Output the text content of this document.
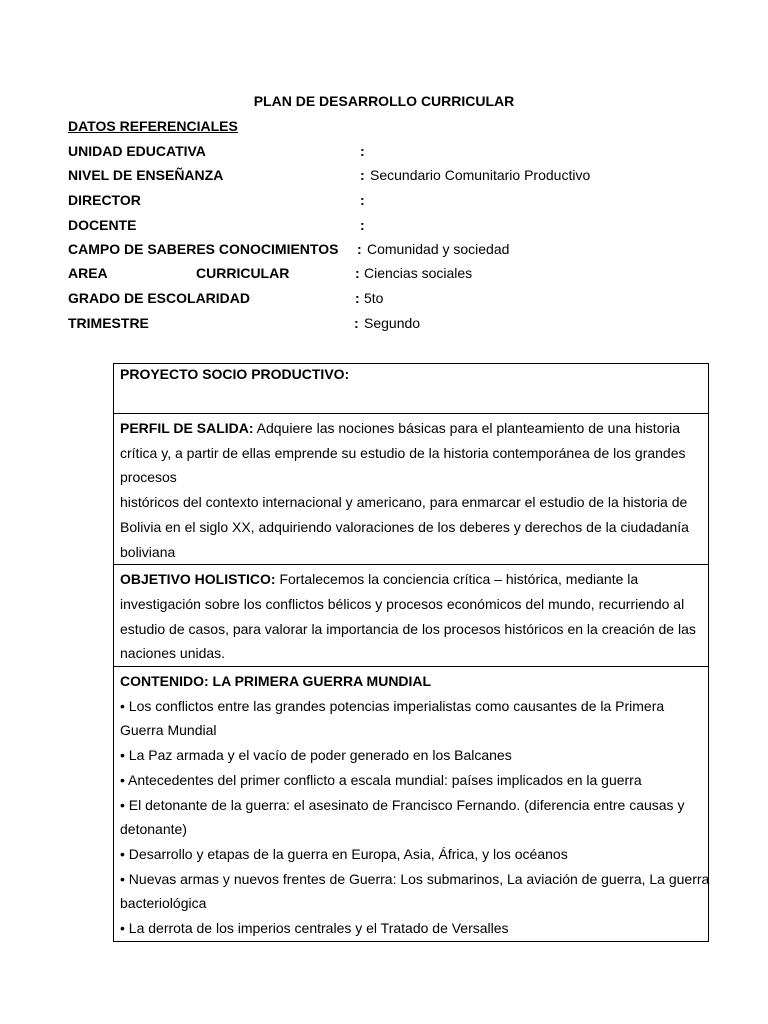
PLAN DE DESARROLLO CURRICULAR
DATOS REFERENCIALES
UNIDAD EDUCATIVA	:
NIVEL DE ENSEÑANZA	: Secundario Comunitario Productivo
DIRECTOR	:
DOCENTE	:
CAMPO DE SABERES CONOCIMIENTOS : Comunidad y sociedad
AREA	CURRICULAR	: Ciencias sociales
GRADO DE ESCOLARIDAD	: 5to
TRIMESTRE	: Segundo
PROYECTO SOCIO PRODUCTIVO:
PERFIL DE SALIDA: Adquiere las nociones básicas para el planteamiento de una historia
crítica y, a partir de ellas emprende su estudio de la historia contemporánea de los grandes
procesos
históricos del contexto internacional y americano, para enmarcar el estudio de la historia de
Bolivia en el siglo XX, adquiriendo valoraciones de los deberes y derechos de la ciudadanía
boliviana
OBJETIVO HOLISTICO: Fortalecemos la conciencia crítica – histórica, mediante la
investigación sobre los conflictos bélicos y procesos económicos del mundo, recurriendo al
estudio de casos, para valorar la importancia de los procesos históricos en la creación de las
naciones unidas.
CONTENIDO: LA PRIMERA GUERRA MUNDIAL
• Los conflictos entre las grandes potencias imperialistas como causantes de la Primera
Guerra Mundial
• La Paz armada y el vacío de poder generado en los Balcanes
• Antecedentes del primer conflicto a escala mundial: países implicados en la guerra
• El detonante de la guerra: el asesinato de Francisco Fernando. (diferencia entre causas y
detonante)
• Desarrollo y etapas de la guerra en Europa, Asia, África, y los océanos
• Nuevas armas y nuevos frentes de Guerra: Los submarinos, La aviación de guerra, La guerra
bacteriológica
• La derrota de los imperios centrales y el Tratado de Versalles
